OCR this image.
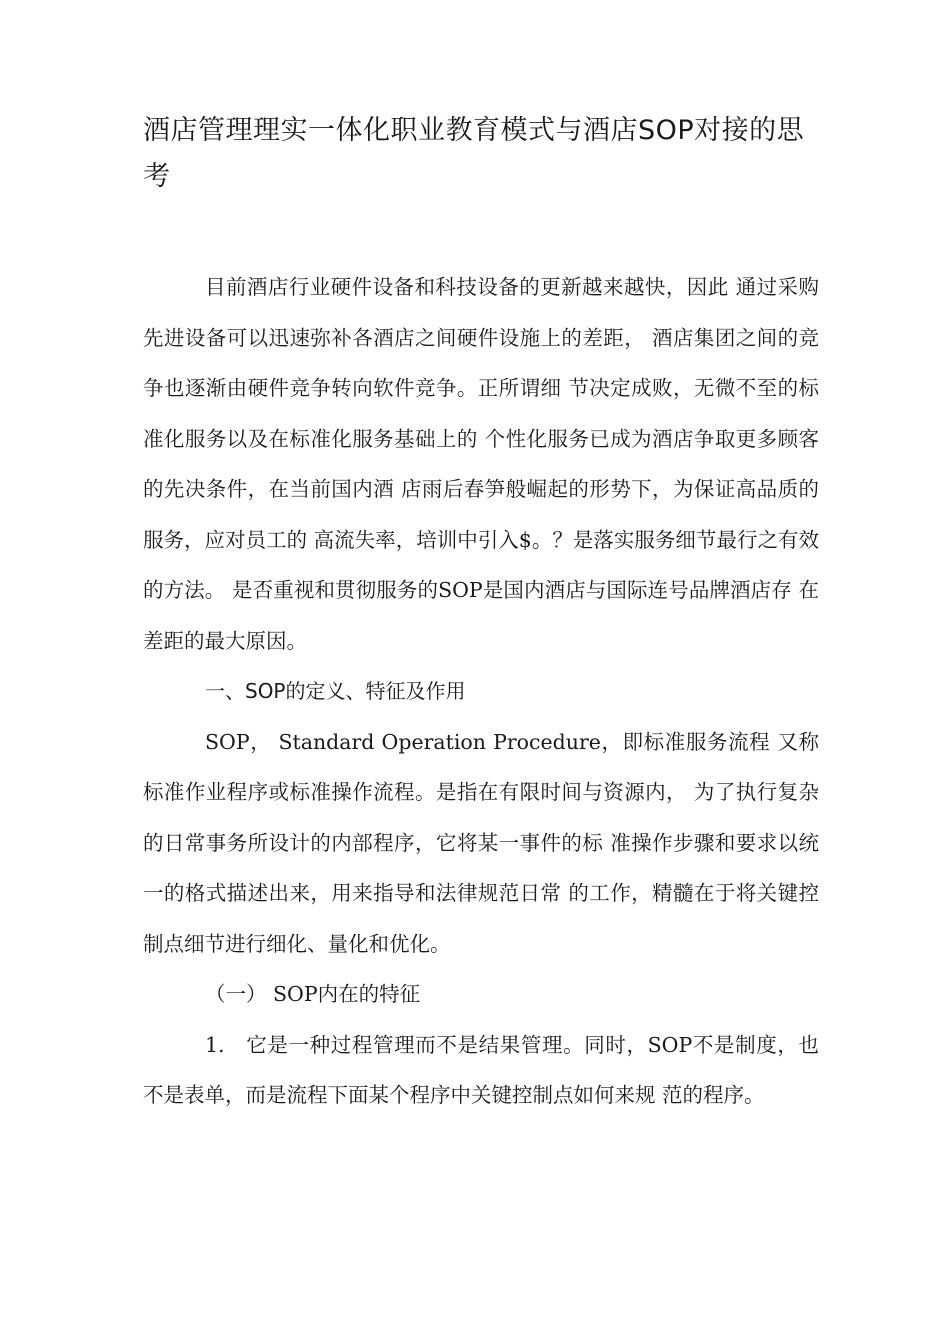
酒店管理理实一体化职业教育模式与酒店SOP对接的思考

目前酒店行业硬件设备和科技设备的更新越来越快，因此 通过采购先进设备可以迅速弥补各酒店之间硬件设施上的差距， 酒店集团之间的竞争也逐渐由硬件竞争转向软件竞争。正所谓细 节决定成败，无微不至的标准化服务以及在标准化服务基础上的 个性化服务已成为酒店争取更多顾客的先决条件，在当前国内酒 店雨后春笋般崛起的形势下，为保证高品质的服务，应对员工的 高流失率，培训中引入$。？是落实服务细节最行之有效的方法。 是否重视和贯彻服务的SOP是国内酒店与国际连号品牌酒店存 在差距的最大原因。

一、SOP的定义、特征及作用

SOP， Standard Operation Procedure，即标准服务流程 又称标准作业程序或标准操作流程。是指在有限时间与资源内， 为了执行复杂的日常事务所设计的内部程序，它将某一事件的标 准操作步骤和要求以统一的格式描述出来，用来指导和法律规范日常 的工作，精髓在于将关键控制点细节进行细化、量化和优化。

（一） SOP内在的特征

1.　它是一种过程管理而不是结果管理。同时，SOP不是制度，也不是表单，而是流程下面某个程序中关键控制点如何来规 范的程序。
